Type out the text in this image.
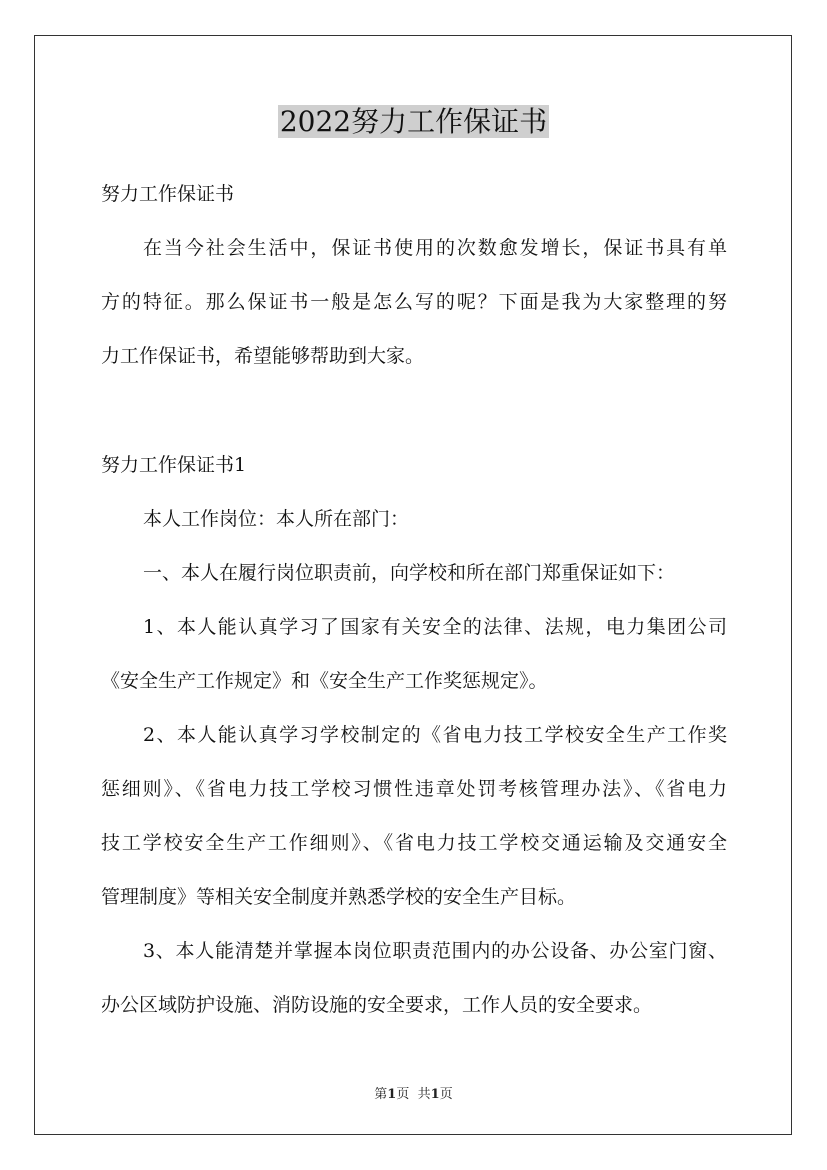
2022努力工作保证书

努力工作保证书

在当今社会生活中，保证书使用的次数愈发增长，保证书具有单
方的特征。那么保证书一般是怎么写的呢？下面是我为大家整理的努
力工作保证书，希望能够帮助到大家。

努力工作保证书1

本人工作岗位：本人所在部门：

一、本人在履行岗位职责前，向学校和所在部门郑重保证如下：

1、本人能认真学习了国家有关安全的法律、法规，电力集团公司
《安全生产工作规定》和《安全生产工作奖惩规定》。

2、本人能认真学习学校制定的《省电力技工学校安全生产工作奖
惩细则》、《省电力技工学校习惯性违章处罚考核管理办法》、《省电力
技工学校安全生产工作细则》、《省电力技工学校交通运输及交通安全
管理制度》等相关安全制度并熟悉学校的安全生产目标。

3、本人能清楚并掌握本岗位职责范围内的办公设备、办公室门窗、
办公区域防护设施、消防设施的安全要求，工作人员的安全要求。

第1页 共1页
